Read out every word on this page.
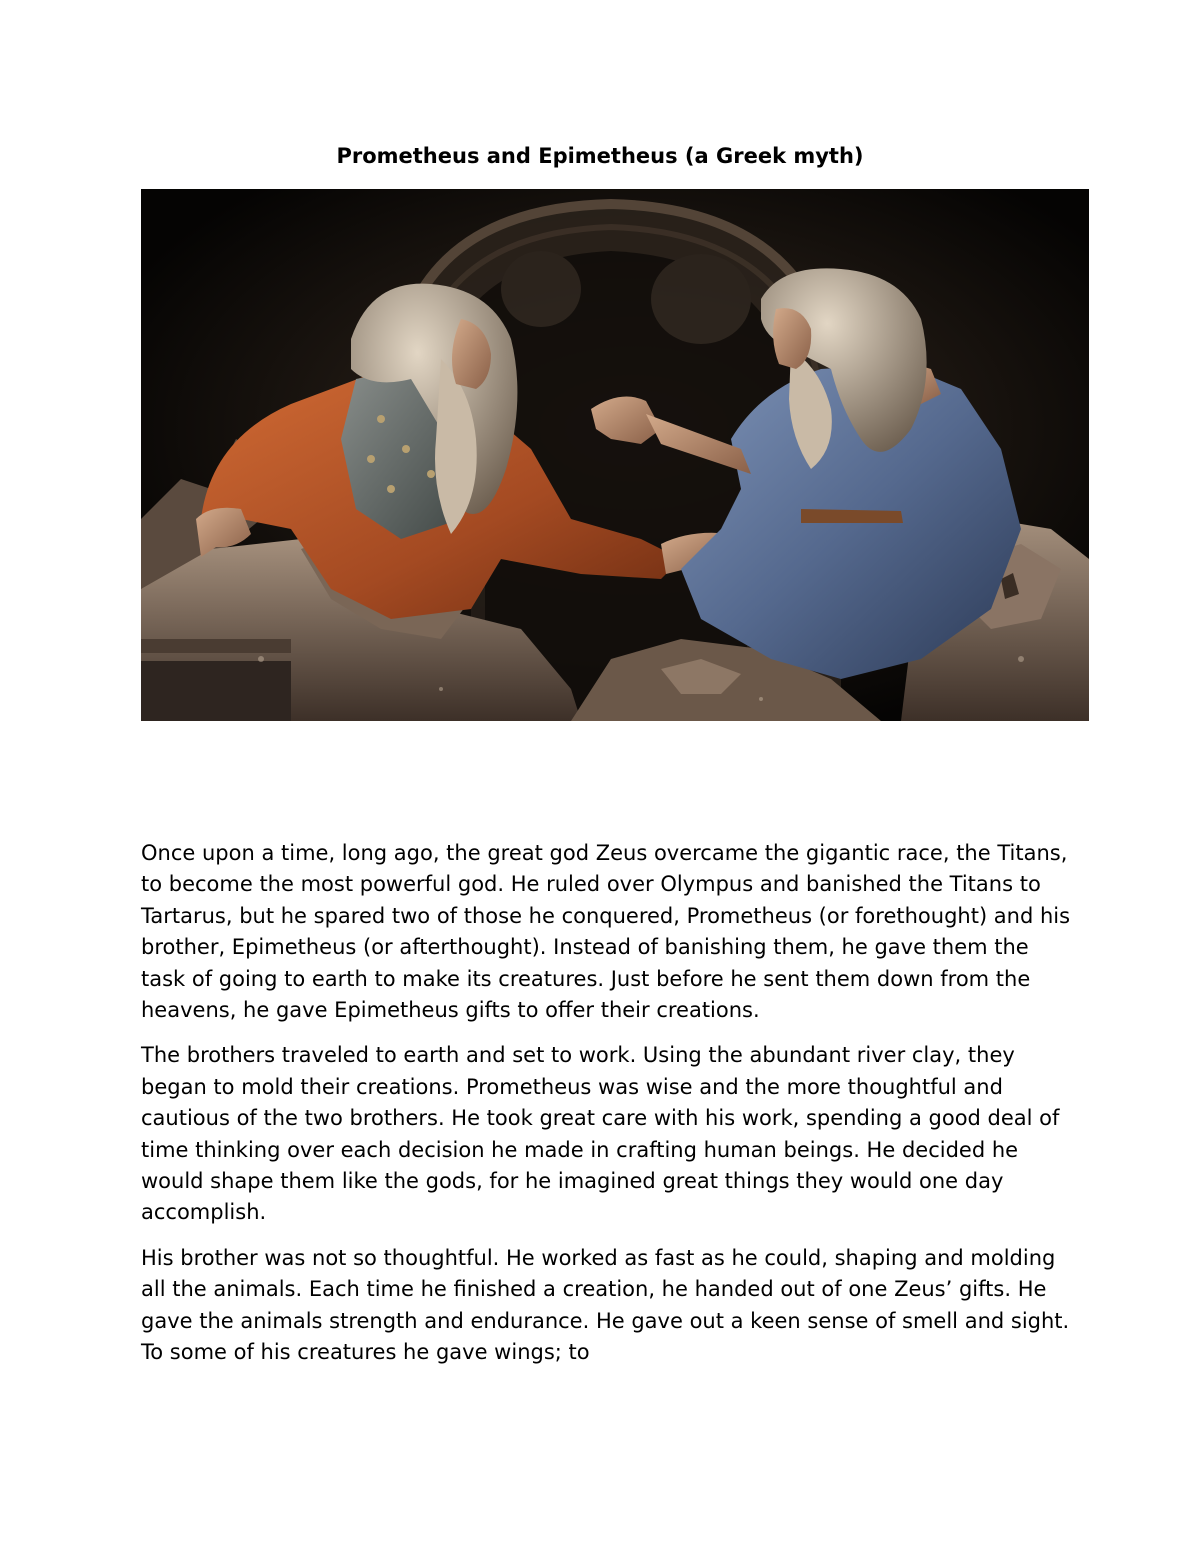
Prometheus and Epimetheus (a Greek myth)

Once upon a time, long ago, the great god Zeus overcame the gigantic race, the Titans, to become the most powerful god. He ruled over Olympus and banished the Titans to Tartarus, but he spared two of those he conquered, Prometheus (or forethought) and his brother, Epimetheus (or afterthought). Instead of banishing them, he gave them the task of going to earth to make its creatures. Just before he sent them down from the heavens, he gave Epimetheus gifts to offer their creations.

The brothers traveled to earth and set to work. Using the abundant river clay, they began to mold their creations. Prometheus was wise and the more thoughtful and cautious of the two brothers. He took great care with his work, spending a good deal of time thinking over each decision he made in crafting human beings. He decided he would shape them like the gods, for he imagined great things they would one day accomplish.

His brother was not so thoughtful. He worked as fast as he could, shaping and molding all the animals. Each time he finished a creation, he handed out of one Zeus’ gifts. He gave the animals strength and endurance. He gave out a keen sense of smell and sight. To some of his creatures he gave wings; to
